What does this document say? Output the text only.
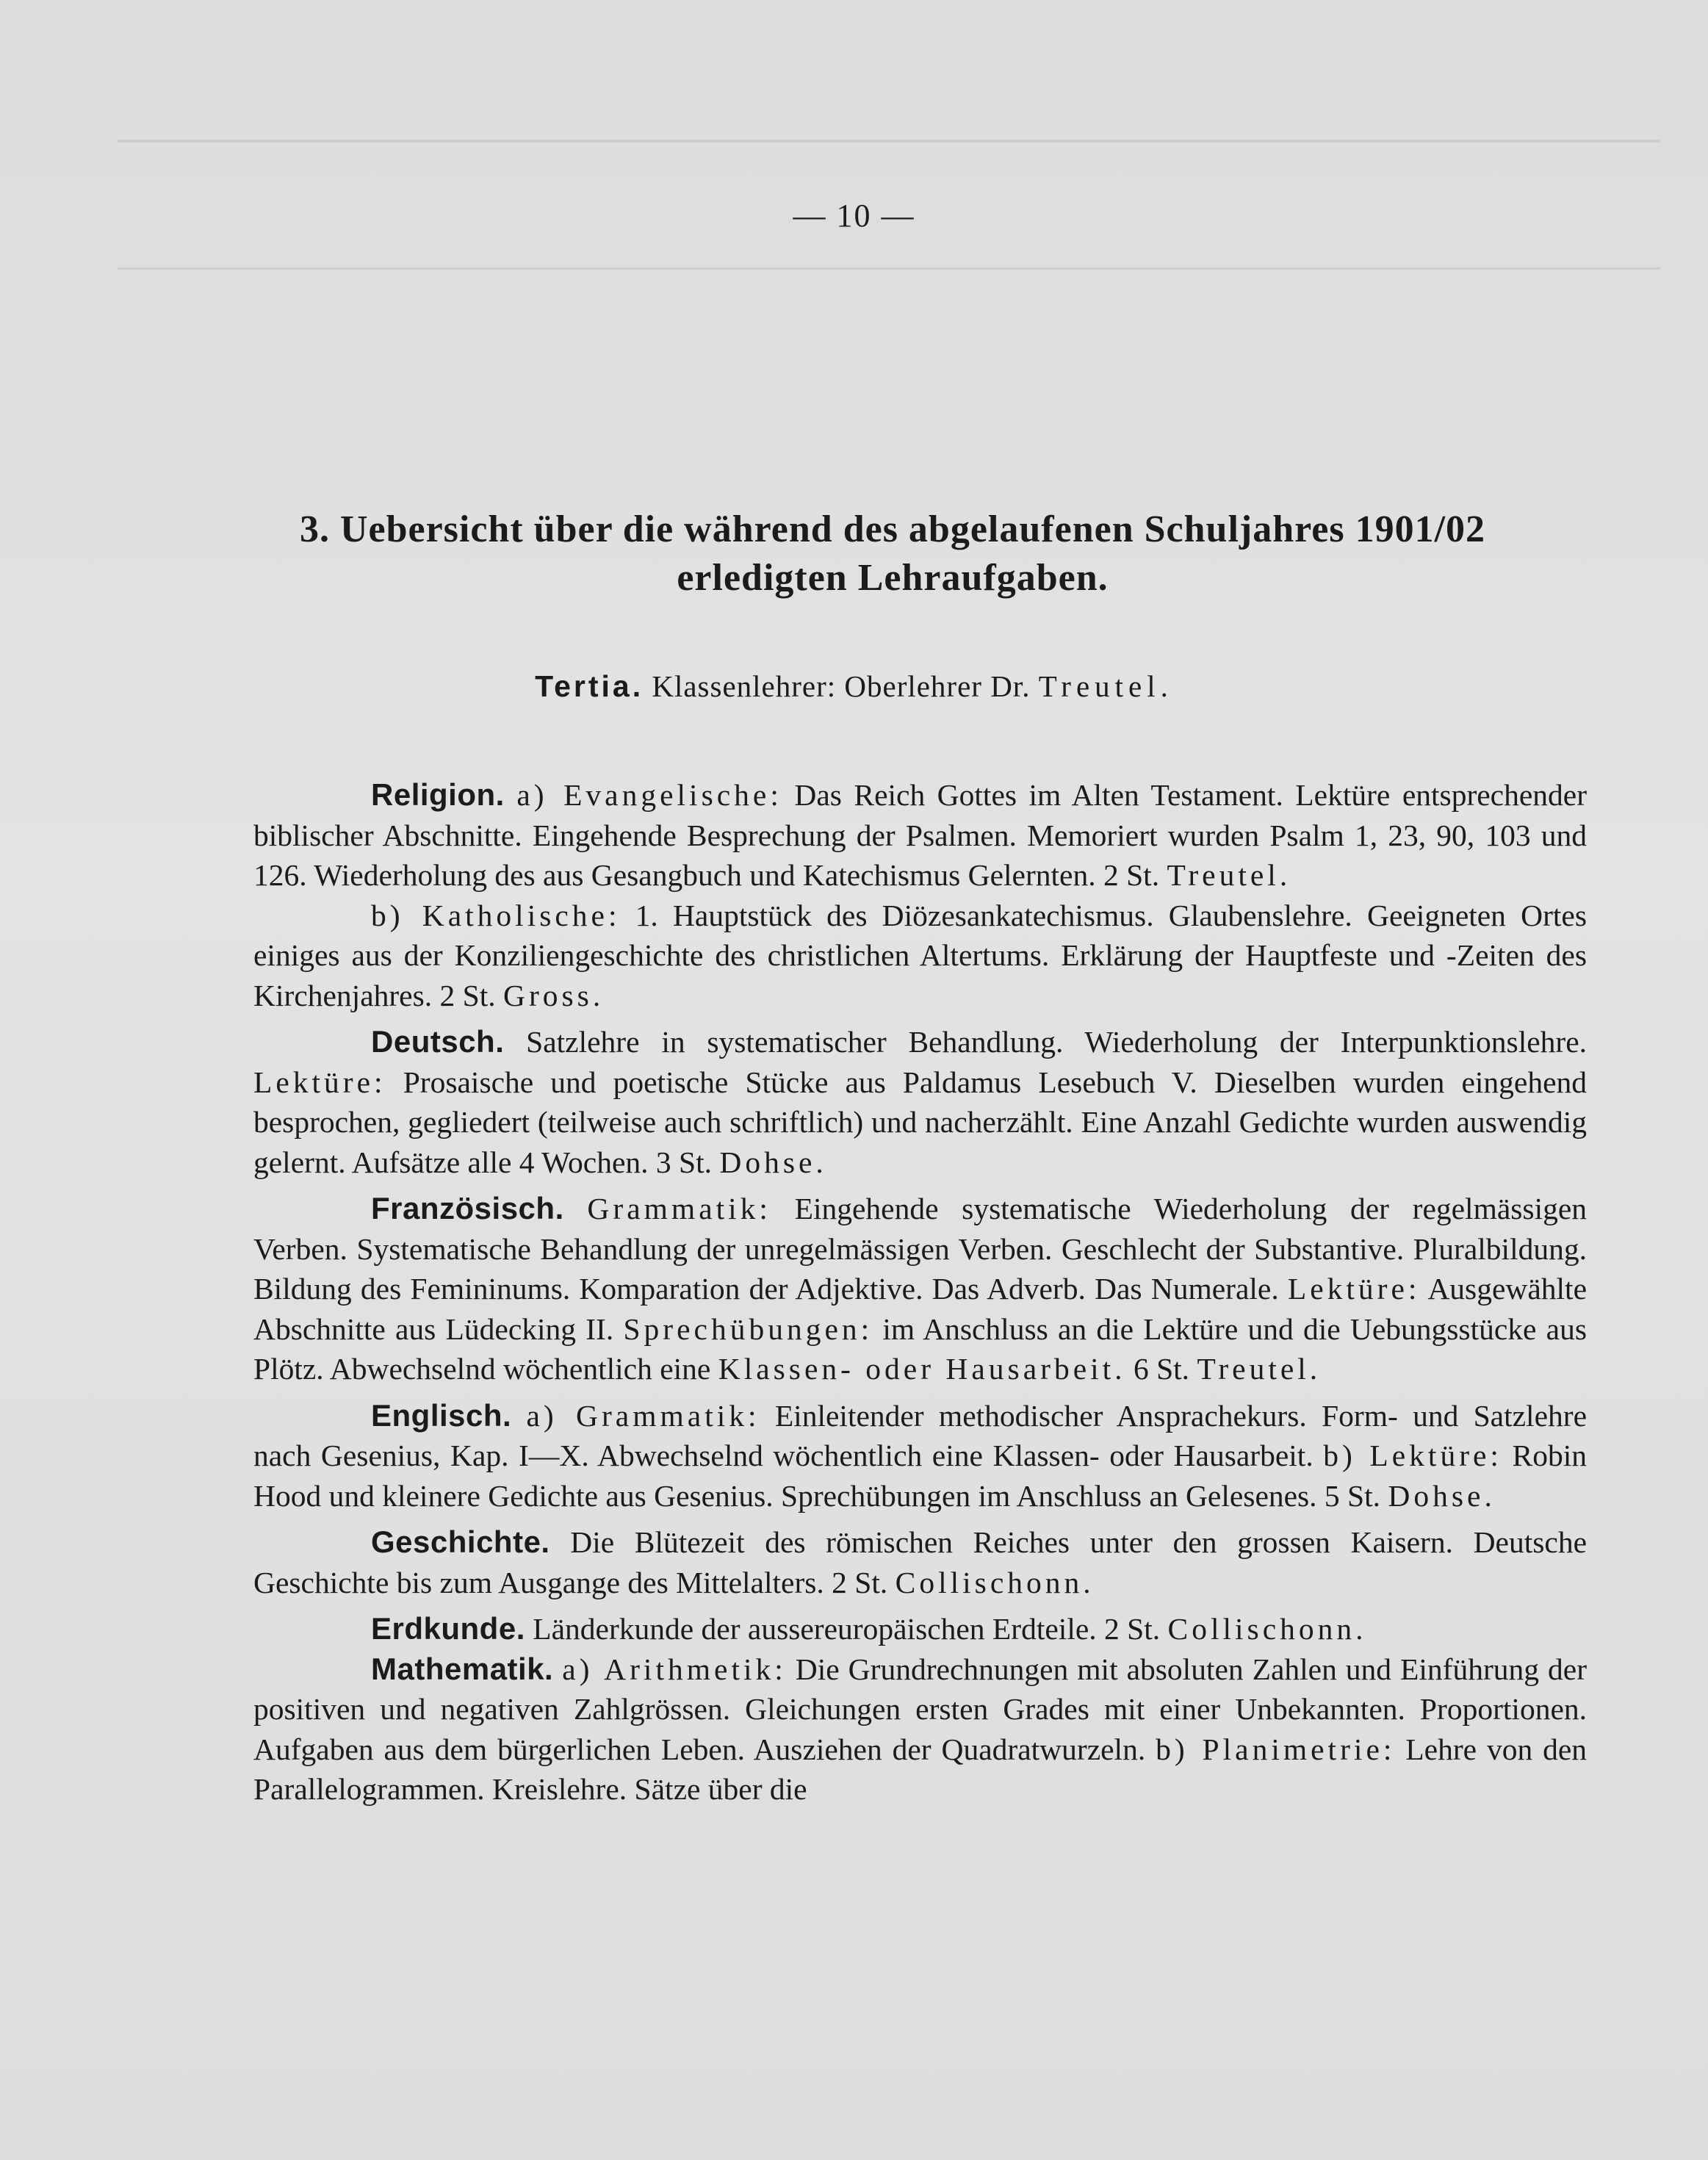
— 10 —
3. Uebersicht über die während des abgelaufenen Schuljahres 1901/02
erledigten Lehraufgaben.
Tertia. Klassenlehrer: Oberlehrer Dr. Treutel.

Religion. a) Evangelische: Das Reich Gottes im Alten Testament. Lektüre entsprechender biblischer Abschnitte. Eingehende Besprechung der Psalmen. Memoriert wurden Psalm 1, 23, 90, 103 und 126. Wiederholung des aus Gesangbuch und Katechismus Gelernten. 2 St. Treutel.

b) Katholische: 1. Hauptstück des Diözesankatechismus. Glaubenslehre. Geeigneten Ortes einiges aus der Konziliengeschichte des christlichen Altertums. Erklärung der Hauptfeste und -Zeiten des Kirchenjahres. 2 St. Gross.

Deutsch. Satzlehre in systematischer Behandlung. Wiederholung der Interpunktionslehre. Lektüre: Prosaische und poetische Stücke aus Paldamus Lesebuch V. Dieselben wurden eingehend besprochen, gegliedert (teilweise auch schriftlich) und nacherzählt. Eine Anzahl Gedichte wurden auswendig gelernt. Aufsätze alle 4 Wochen. 3 St. Dohse.

Französisch. Grammatik: Eingehende systematische Wiederholung der regelmässigen Verben. Systematische Behandlung der unregelmässigen Verben. Geschlecht der Substantive. Pluralbildung. Bildung des Femininums. Komparation der Adjektive. Das Adverb. Das Numerale. Lektüre: Ausgewählte Abschnitte aus Lüdecking II. Sprechübungen: im Anschluss an die Lektüre und die Uebungsstücke aus Plötz. Abwechselnd wöchentlich eine Klassen- oder Hausarbeit. 6 St. Treutel.

Englisch. a) Grammatik: Einleitender methodischer Ansprachekurs. Form- und Satzlehre nach Gesenius, Kap. I—X. Abwechselnd wöchentlich eine Klassen- oder Hausarbeit. b) Lektüre: Robin Hood und kleinere Gedichte aus Gesenius. Sprechübungen im Anschluss an Gelesenes. 5 St. Dohse.

Geschichte. Die Blütezeit des römischen Reiches unter den grossen Kaisern. Deutsche Geschichte bis zum Ausgange des Mittelalters. 2 St. Collischonn.

Erdkunde. Länderkunde der aussereuropäischen Erdteile. 2 St. Collischonn.

Mathematik. a) Arithmetik: Die Grundrechnungen mit absoluten Zahlen und Einführung der positiven und negativen Zahlgrössen. Gleichungen ersten Grades mit einer Unbekannten. Proportionen. Aufgaben aus dem bürgerlichen Leben. Ausziehen der Quadratwurzeln. b) Planimetrie: Lehre von den Parallelogrammen. Kreislehre. Sätze über die
